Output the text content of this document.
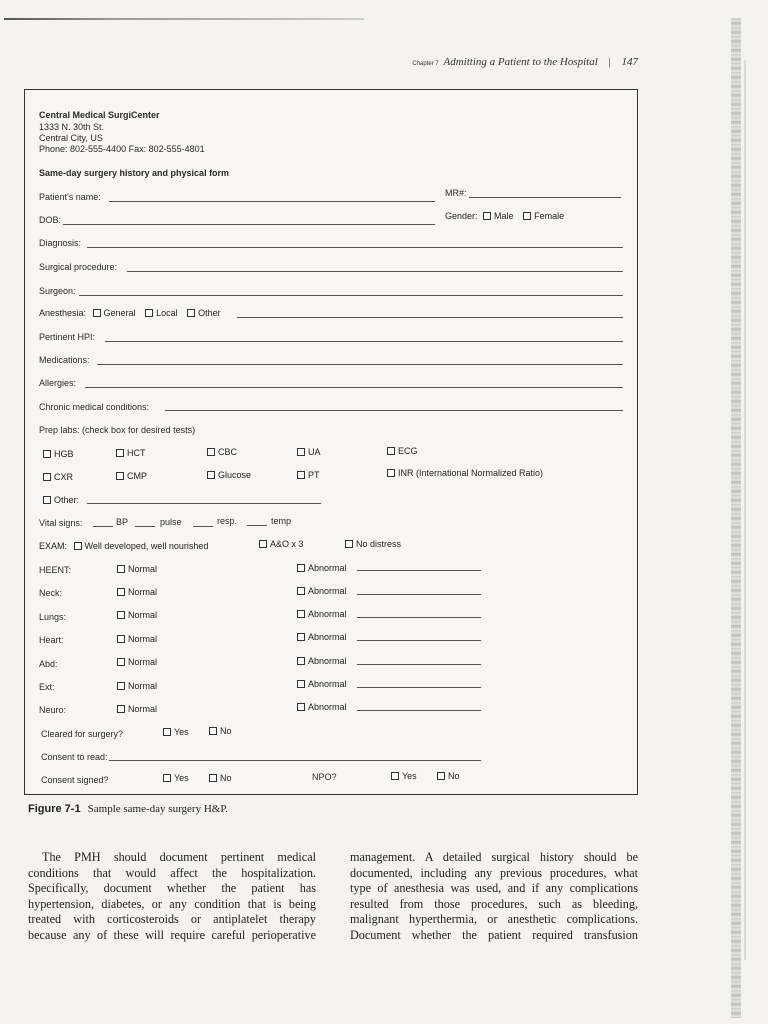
Chapter 7 Admitting a Patient to the Hospital | 147
Central Medical SurgiCenter
1333 N. 30th St.
Central City, US
Phone: 802-555-4400 Fax: 802-555-4801
Same-day surgery history and physical form
Patient's name:	MR#:
DOB:	Gender: Male Female
Diagnosis:
Surgical procedure:
Surgeon:
Anesthesia: General Local Other
Pertinent HPI:
Medications:
Allergies:
Chronic medical conditions:
Prep labs: (check box for desired tests)
HGB	HCT	CBC	UA	ECG
CXR	CMP	Glucose	PT	INR (International Normalized Ratio)
Other:
Vital signs:	BP	pulse	resp.	temp
EXAM: Well developed, well nourished	A&O x 3	No distress
HEENT:	Normal	Abnormal
Neck:	Normal	Abnormal
Lungs:	Normal	Abnormal
Heart:	Normal	Abnormal
Abd:	Normal	Abnormal
Ext:	Normal	Abnormal
Neuro:	Normal	Abnormal
Cleared for surgery?	Yes	No
Consent to read:
Consent signed?	Yes	No	NPO?	Yes	No
Figure 7-1 Sample same-day surgery H&P.
The PMH should document pertinent medical
conditions that would affect the hospitalization.
Specifically, document whether the patient has
hypertension, diabetes, or any condition that is being
treated with corticosteroids or antiplatelet therapy
because any of these will require careful perioperative
management. A detailed surgical history should be
documented, including any previous procedures, what
type of anesthesia was used, and if any complications
resulted from those procedures, such as bleeding,
malignant hyperthermia, or anesthetic complications.
Document whether the patient required transfusion
